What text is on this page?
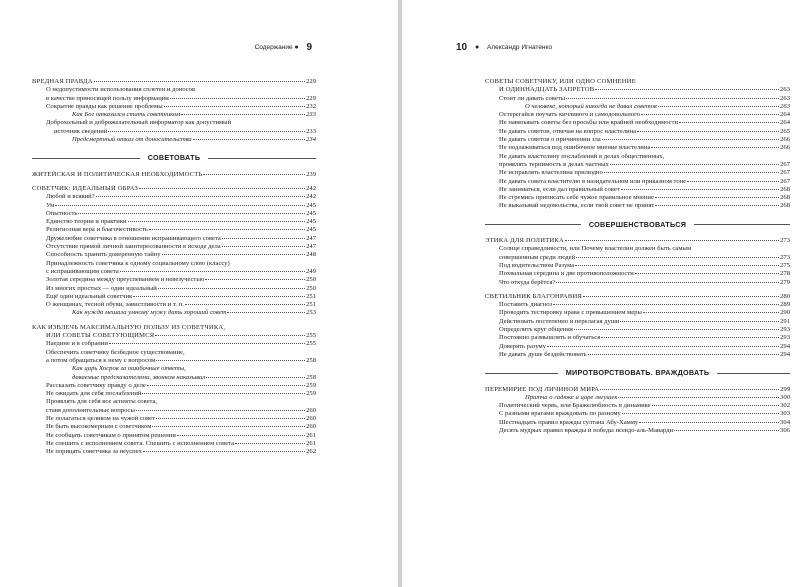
Содержание ● 9
ВРЕДНАЯ ПРАВДА	229
О недопустимости использования сплетен и доносов
в качестве приносящей пользу информации	229
Сокрытие правды как решение проблемы	232
Как Бог отказался стать советником	233
Доброхольный и доброжелательный информатор как допустимый
источник сведений	233
Предсмертный отказ от доносительства	234
СОВЕТОВАТЬ
ЖИТЕЙСКАЯ И ПОЛИТИЧЕСКАЯ НЕОБХОДИМОСТЬ	239
СОВЕТЧИК: ИДЕАЛЬНЫЙ ОБРАЗ	242
Любой и всякий?	242
Ум	245
Опытность	245
Единство теории и практики	245
Религиозная вера и благочестивость	245
Дружелюбие советчика в отношении испрашивающего совета	247
Отсутствие прямой личной заинтересованности в исходе дела	247
Способность хранить доверенную тайну	248
Принадлежность советчика к одному социальному слою (классу)
с испрашивающим совета	249
Золотая середина между преуспеванием и невезучестью	250
Из многих простых — один идеальный	250
Ещё один идеальный советчик	251
О женщинах, тесной обуви, завистливости и т. п.	251
Как нужда мешала умному мужу дать хороший совет	253
КАК ИЗВЛЕЧЬ МАКСИМАЛЬНУЮ ПОЛЬЗУ ИЗ СОВЕТЧИКА,
ИЛИ СОВЕТЫ СОВЕТУЮЩИМСЯ	255
Наедине и в собрании	255
Обеспечить советчику безбедное существование,
а потом обращаться к нему с вопросом	258
Как царь Хосров за ошибочные ответы,
даваемые предсказателями, звонком наказывал	258
Рассказать советчику правду о деле	259
Не ожидать для себя послаблений	259
Проявлять для себя все аспекты совета,
ставя дополнительные вопросы	260
Не полагаться целиком на чужой совет	260
Не быть высокомерным с советчиком	260
Не сообщать советчикам о принятом решении	261
Не спешить с исполнением совета. Спешить с исполнением совета	261
Не порицать советчика за неуспех	262
10 ● Александр Игнатенко
СОВЕТЫ СОВЕТЧИКУ, ИЛИ ОДНО СОМНЕНИЕ
И ОДИННАДЦАТЬ ЗАПРЕТОВ	263
Стоит ли давать советы	263
О человеке, который никогда не давал советов	263
Остерегайся поучать кичливого и самодовольного	264
Не навязывать советы без просьбы или крайней необходимости	264
Не давать советов, отвечая на вопрос властелина	265
Не давать советов о причинении зла	266
Не подлаживаться под ошибочное мнение властелина	266
Не давать властелину послаблений в делах общественных,
проявлять терпимость в делах частных	267
Не исправлять властелина прилюдно	267
Не давать совета властителю в назидательном или приказном тоне	267
Не заниматься, если дал правильный совет	268
Не стремись приписать себе чужое правильное мнение	268
Не выказывай недовольства, если твой совет не принят	268
СОВЕРШЕНСТВОВАТЬСЯ
ЭТИКА ДЛЯ ПОЛИТИКА	273
Солнце справедливости, или Почему властелин должен быть самым
совершенным среди людей	273
Под водительством Разума	275
Похвальная середина и две противоположности	278
Что откуда берётся?	279
СВЕТИЛЬНИК БЛАГОНРАВИЯ	280
Поставить диагноз	289
Проводить тестировку нрава с превышением меры	290
Действовать постепенно и перелагая души	291
Определить круг общения	293
Постоянно размышлять и обучаться	293
Доверять разуму	294
Не давать душе бездействовать	294
МИРОТВОРСТВОВАТЬ. ВРАЖДОВАТЬ
ПЕРЕМИРИЕ ПОД ЛИЧИНОЙ МИРА	299
Притча о гадюке и царе лягушек	300
Политический червь, или Бражелюбность в динамике	302
С разными врагами враждовать по разному	303
Шестнадцать правил вражды султана Абу-Хамму	304
Десять мудрых правил вражды и победы псевдо-аль-Маварди	306
